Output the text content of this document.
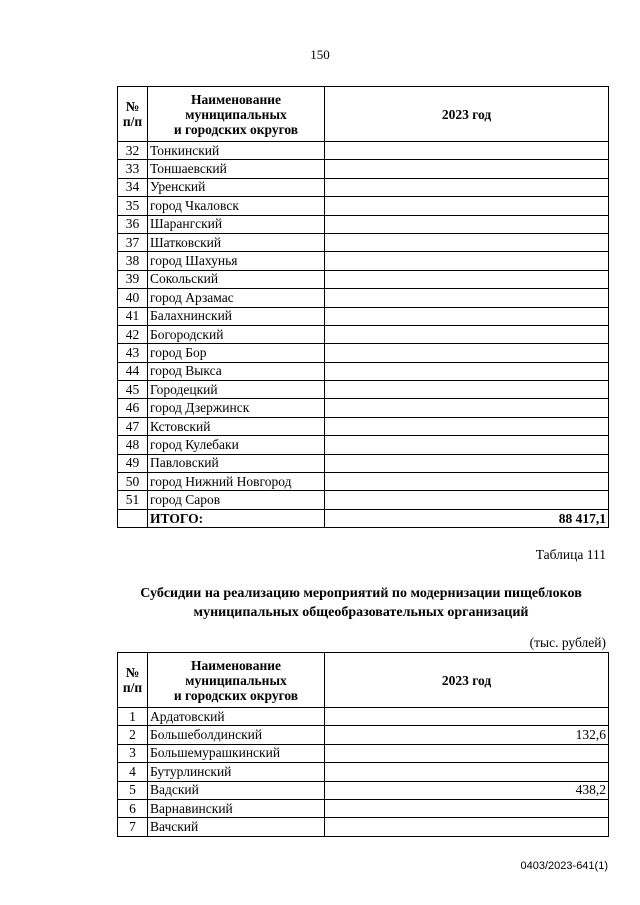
150
№
п/п	Наименование
муниципальных
и городских округов	2023 год
32	Тонкинский	
33	Тоншаевский	
34	Уренский	
35	город Чкаловск	
36	Шарангский	
37	Шатковский	
38	город Шахунья	
39	Сокольский	
40	город Арзамас	
41	Балахнинский	
42	Богородский	
43	город Бор	
44	город Выкса	
45	Городецкий	
46	город Дзержинск	
47	Кстовский	
48	город Кулебаки	
49	Павловский	
50	город Нижний Новгород	
51	город Саров	
	ИТОГО:	88 417,1
Таблица 111
Субсидии на реализацию мероприятий по модернизации пищеблоков муниципальных общеобразовательных организаций
(тыс. рублей)
№
п/п	Наименование
муниципальных
и городских округов	2023 год
1	Ардатовский	
2	Большеболдинский	132,6
3	Большемурашкинский	
4	Бутурлинский	
5	Вадский	438,2
6	Варнавинский	
7	Вачский	
0403/2023-641(1)
